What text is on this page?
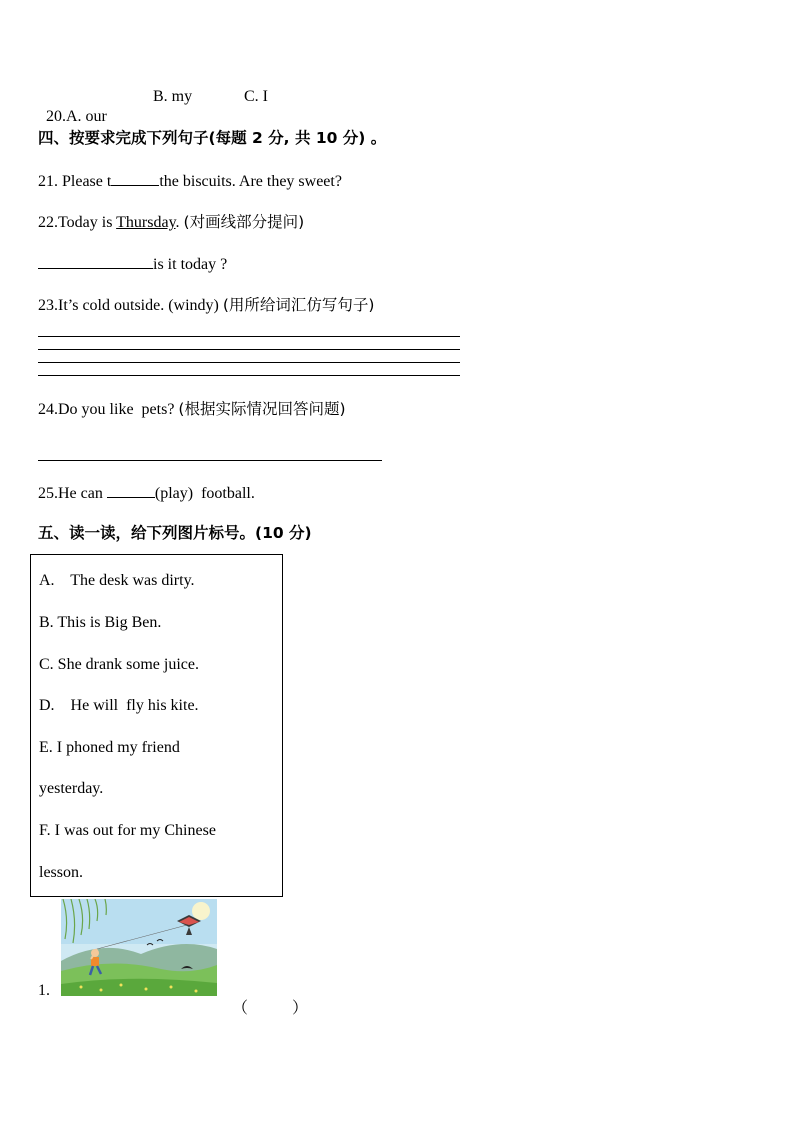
20.A. our

B. my

	C. I

四、按要求完成下列句子(每题 2 分, 共 10 分) 。
21. Please t	the biscuits. Are they sweet?
22.Today is Thursday. (对画线部分提问)
is it today ?
23.It’s cold outside. (windy) (用所给词汇仿写句子)
24.Do you like  pets? (根据实际情况回答问题)
25.He can	(play)  football.
五、读一读，给下列图片标号。(10 分)
A.    The desk was dirty.
B. This is Big Ben.
C. She drank some juice.
D.    He will  fly his kite.
E. I phoned my friend
yesterday.
F. I was out for my Chinese
lesson.
1.

（	）
